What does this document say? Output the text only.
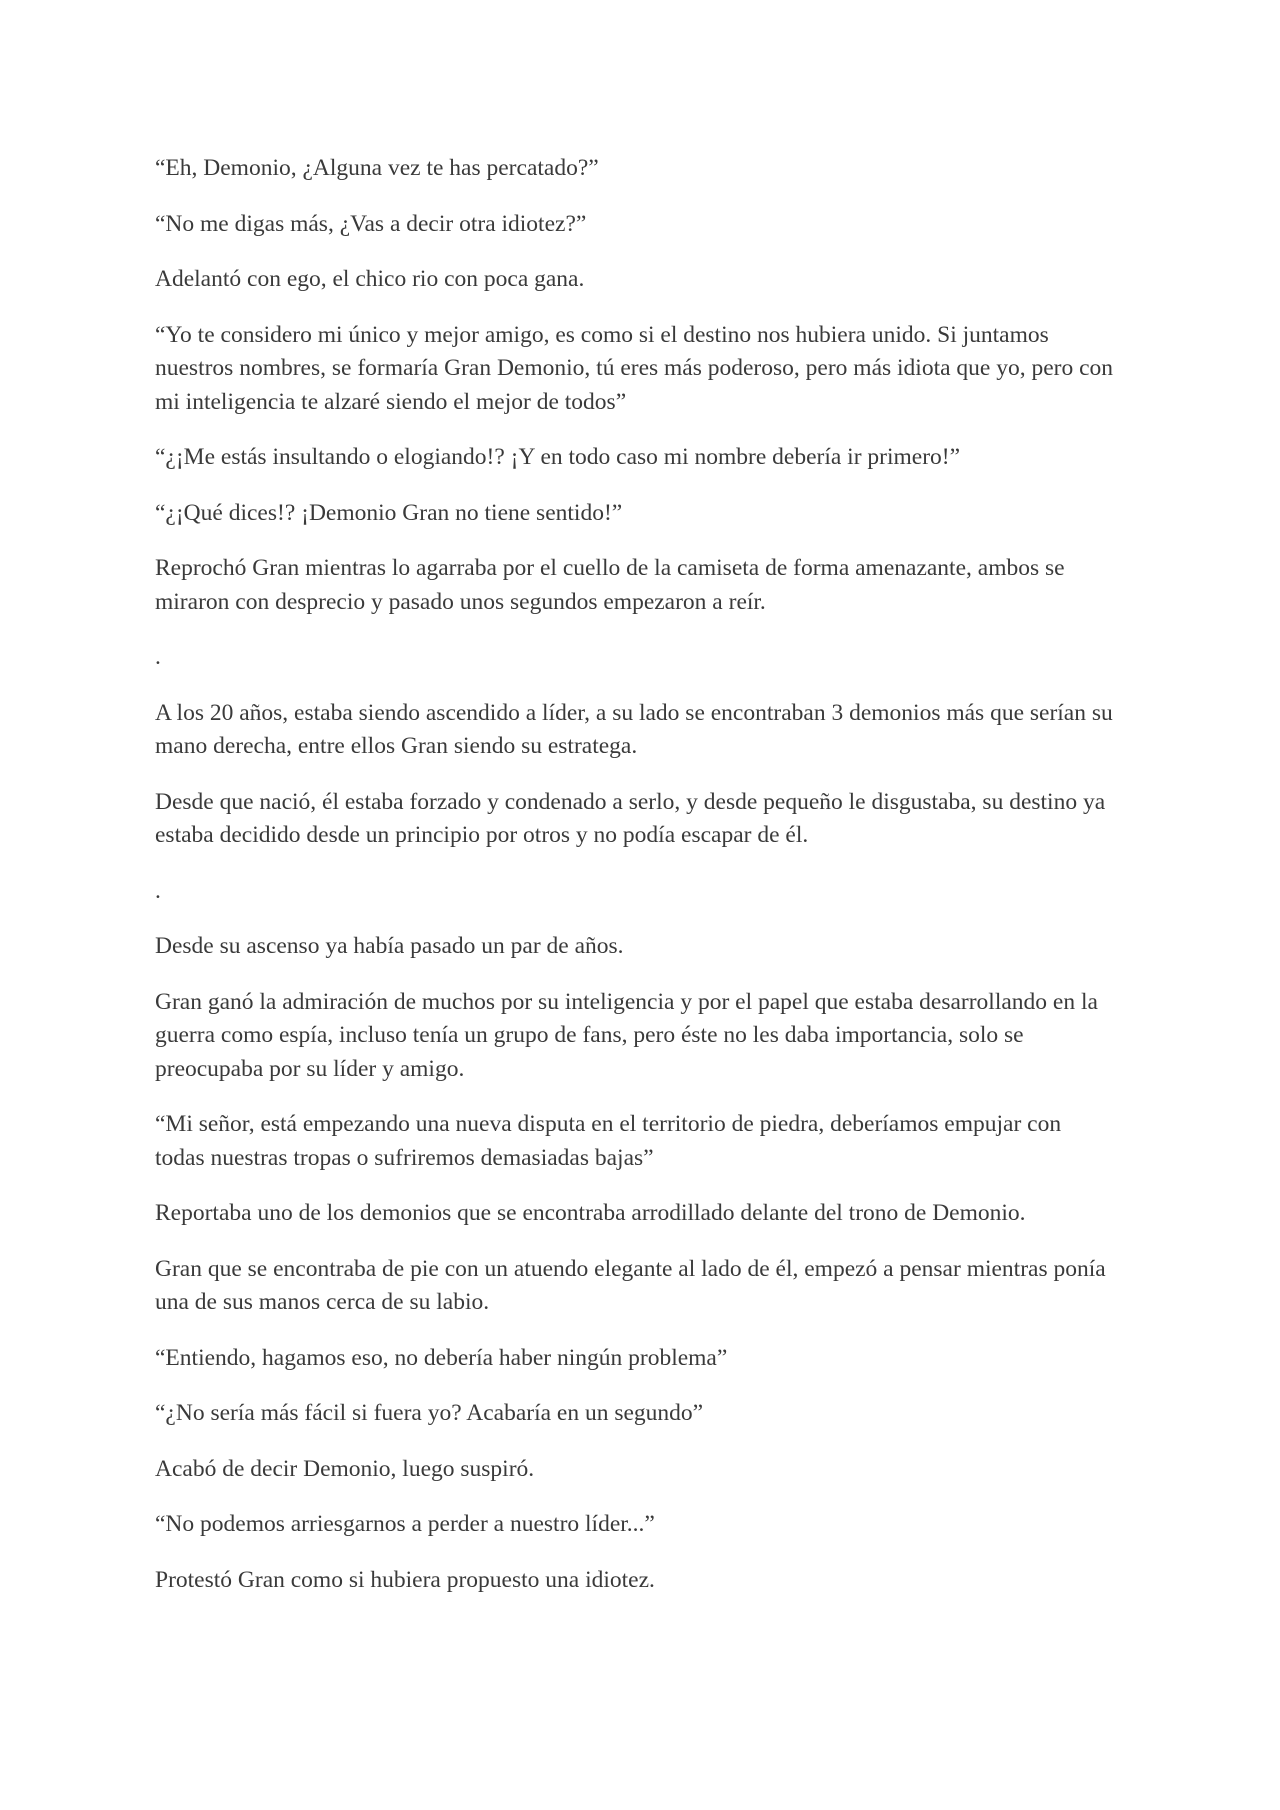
“Eh, Demonio, ¿Alguna vez te has percatado?”

“No me digas más, ¿Vas a decir otra idiotez?”

Adelantó con ego, el chico rio con poca gana.

“Yo te considero mi único y mejor amigo, es como si el destino nos hubiera unido. Si juntamos nuestros nombres, se formaría Gran Demonio, tú eres más poderoso, pero más idiota que yo, pero con mi inteligencia te alzaré siendo el mejor de todos”

“¿¡Me estás insultando o elogiando!? ¡Y en todo caso mi nombre debería ir primero!”

“¿¡Qué dices!? ¡Demonio Gran no tiene sentido!”

Reprochó Gran mientras lo agarraba por el cuello de la camiseta de forma amenazante, ambos se miraron con desprecio y pasado unos segundos empezaron a reír.

.

A los 20 años, estaba siendo ascendido a líder, a su lado se encontraban 3 demonios más que serían su mano derecha, entre ellos Gran siendo su estratega.

Desde que nació, él estaba forzado y condenado a serlo, y desde pequeño le disgustaba, su destino ya estaba decidido desde un principio por otros y no podía escapar de él.

.

Desde su ascenso ya había pasado un par de años.

Gran ganó la admiración de muchos por su inteligencia y por el papel que estaba desarrollando en la guerra como espía, incluso tenía un grupo de fans, pero éste no les daba importancia, solo se preocupaba por su líder y amigo.

“Mi señor, está empezando una nueva disputa en el territorio de piedra, deberíamos empujar con todas nuestras tropas o sufriremos demasiadas bajas”

Reportaba uno de los demonios que se encontraba arrodillado delante del trono de Demonio.

Gran que se encontraba de pie con un atuendo elegante al lado de él, empezó a pensar mientras ponía una de sus manos cerca de su labio.

“Entiendo, hagamos eso, no debería haber ningún problema”

“¿No sería más fácil si fuera yo? Acabaría en un segundo”

Acabó de decir Demonio, luego suspiró.

“No podemos arriesgarnos a perder a nuestro líder...”

Protestó Gran como si hubiera propuesto una idiotez.
